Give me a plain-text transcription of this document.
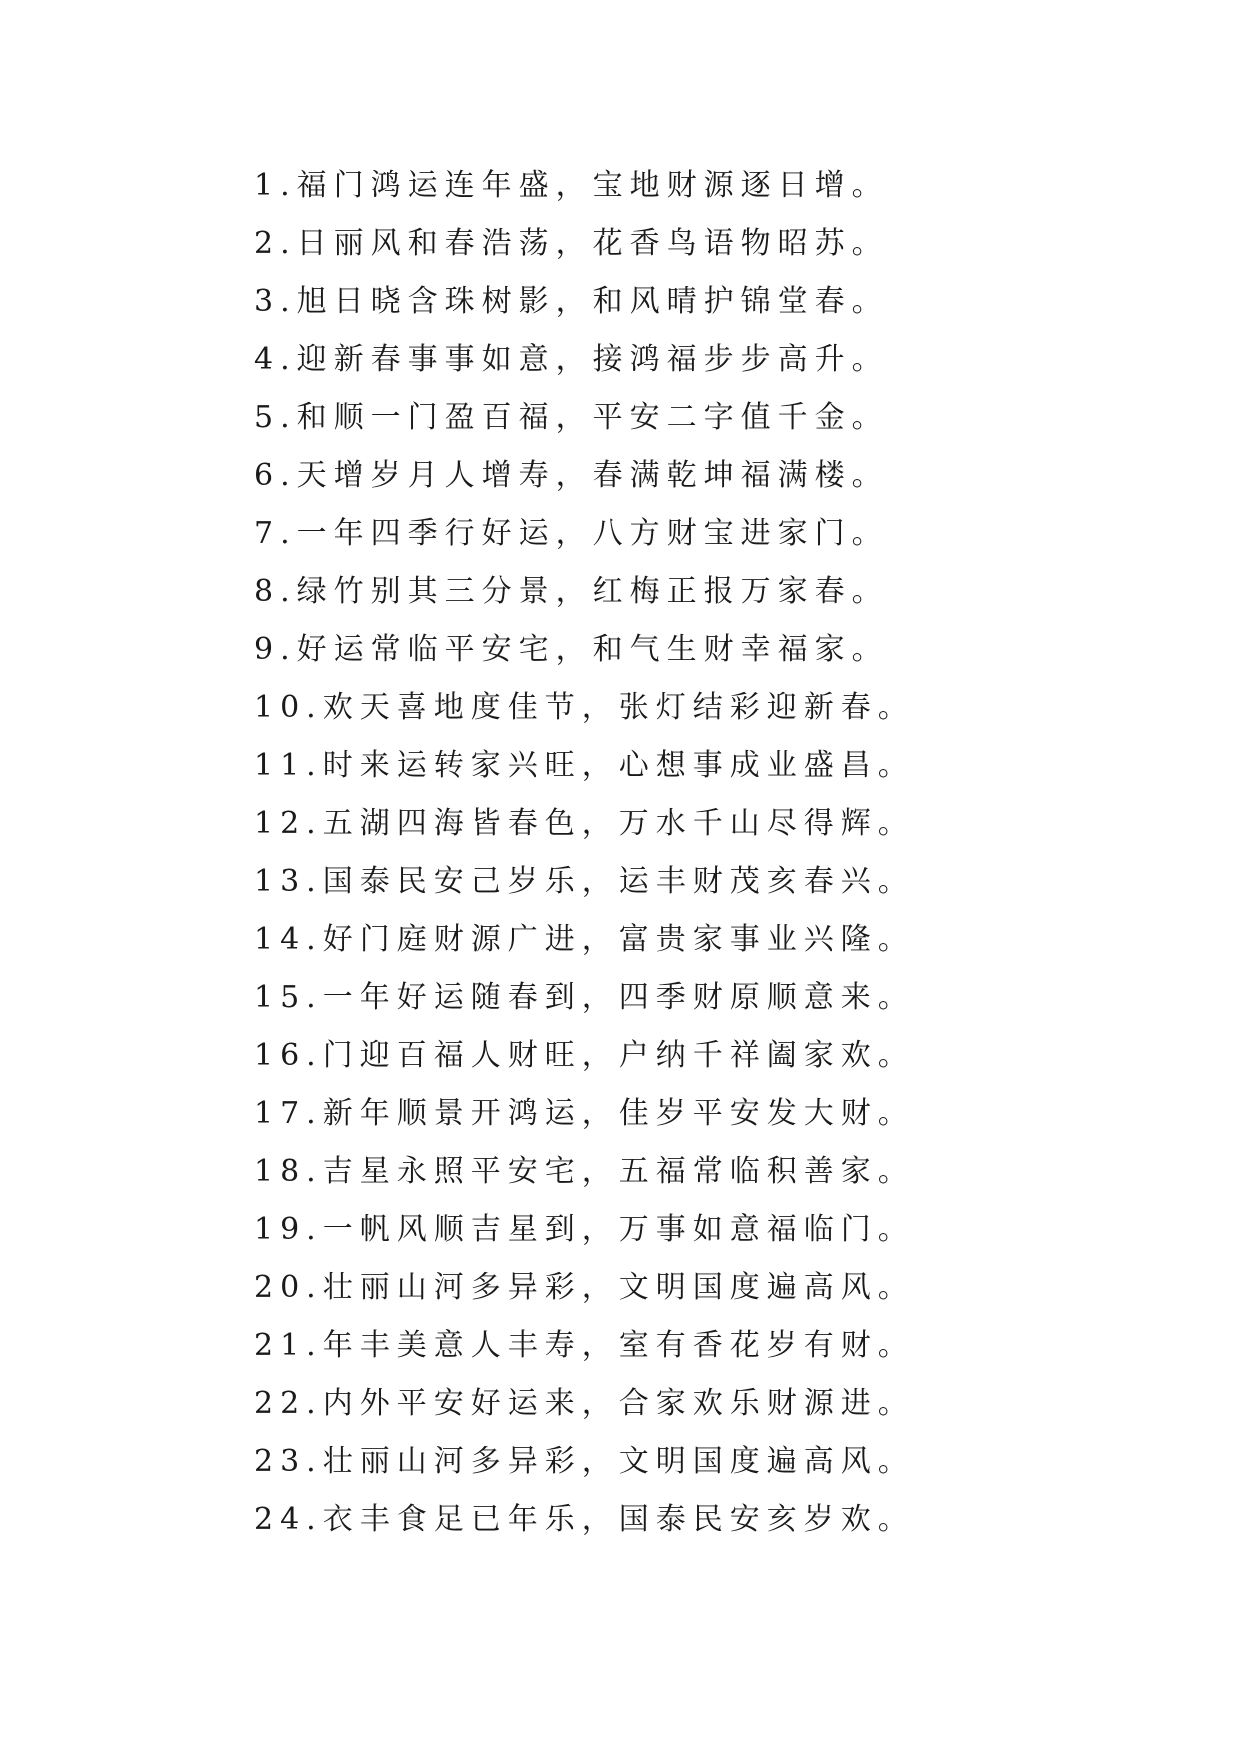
1.福门鸿运连年盛，宝地财源逐日增。
2.日丽风和春浩荡，花香鸟语物昭苏。
3.旭日晓含珠树影，和风晴护锦堂春。
4.迎新春事事如意，接鸿福步步高升。
5.和顺一门盈百福，平安二字值千金。
6.天增岁月人增寿，春满乾坤福满楼。
7.一年四季行好运，八方财宝进家门。
8.绿竹别其三分景，红梅正报万家春。
9.好运常临平安宅，和气生财幸福家。
10.欢天喜地度佳节，张灯结彩迎新春。
11.时来运转家兴旺，心想事成业盛昌。
12.五湖四海皆春色，万水千山尽得辉。
13.国泰民安己岁乐，运丰财茂亥春兴。
14.好门庭财源广进，富贵家事业兴隆。
15.一年好运随春到，四季财原顺意来。
16.门迎百福人财旺，户纳千祥阖家欢。
17.新年顺景开鸿运，佳岁平安发大财。
18.吉星永照平安宅，五福常临积善家。
19.一帆风顺吉星到，万事如意福临门。
20.壮丽山河多异彩，文明国度遍高风。
21.年丰美意人丰寿，室有香花岁有财。
22.内外平安好运来，合家欢乐财源进。
23.壮丽山河多异彩，文明国度遍高风。
24.衣丰食足已年乐，国泰民安亥岁欢。
